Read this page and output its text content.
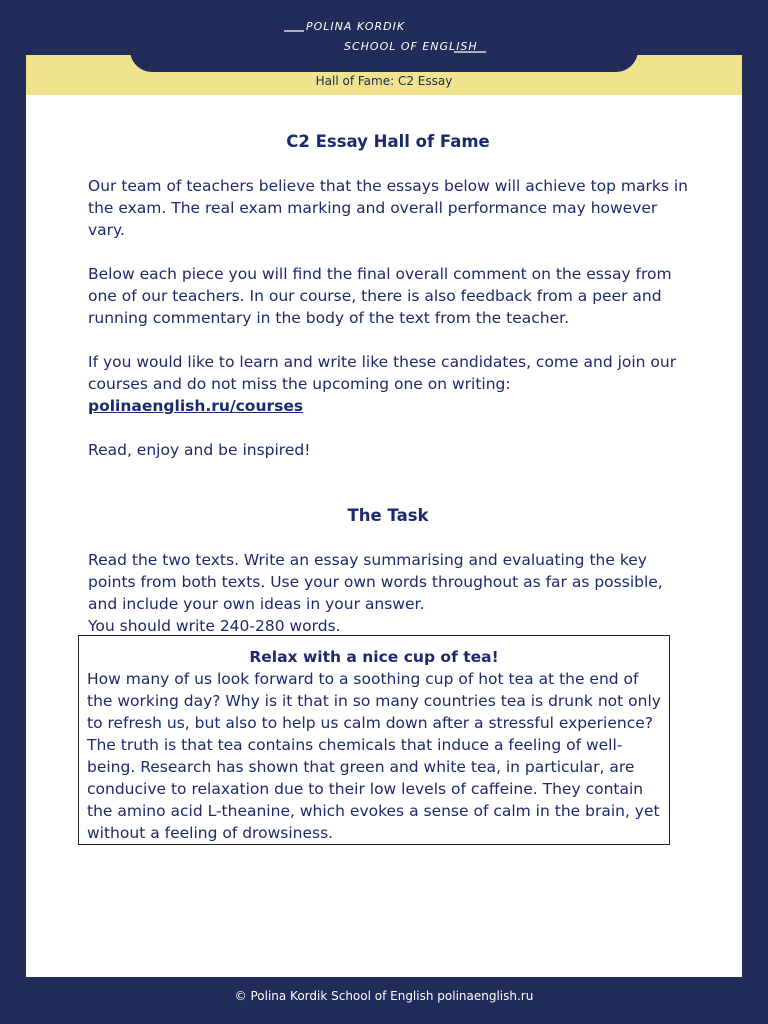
POLINA KORDIK
SCHOOL OF ENGLISH
Hall of Fame: C2 Essay

C2 Essay Hall of Fame

Our team of teachers believe that the essays below will achieve top marks in the exam. The real exam marking and overall performance may however vary.

Below each piece you will find the final overall comment on the essay from one of our teachers. In our course, there is also feedback from a peer and running commentary in the body of the text from the teacher.

If you would like to learn and write like these candidates, come and join our courses and do not miss the upcoming one on writing:
polinaenglish.ru/courses

Read, enjoy and be inspired!

The Task

Read the two texts. Write an essay summarising and evaluating the key points from both texts. Use your own words throughout as far as possible, and include your own ideas in your answer.

You should write 240-280 words.

Relax with a nice cup of tea!

How many of us look forward to a soothing cup of hot tea at the end of the working day? Why is it that in so many countries tea is drunk not only to refresh us, but also to help us calm down after a stressful experience? The truth is that tea contains chemicals that induce a feeling of well-being. Research has shown that green and white tea, in particular, are conducive to relaxation due to their low levels of caffeine. They contain the amino acid L-theanine, which evokes a sense of calm in the brain, yet without a feeling of drowsiness.

© Polina Kordik School of English polinaenglish.ru
